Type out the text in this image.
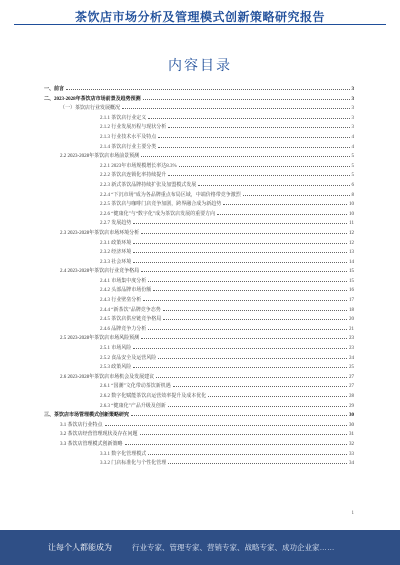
茶饮店市场分析及管理模式创新策略研究报告
内容目录
一、前言	3
二、2023-2028年茶饮店市场前景及趋势预测	3
（一）茶饮店行业发展概况	3
2.1.1 茶饮店行业定义	3
2.1.2 行业发展历程与现状分析	3
2.1.3 行业技术水平及特点	4
2.1.4 茶饮店行业主要分类	4
2.2 2023-2028年茶饮店市场前景预测	5
2.2.1 2023年市场规模增长率达8.3%	5
2.2.2 茶饮店连锁化率持续提升	5
2.2.3 新式茶饮品牌持续扩张及加盟模式发展	6
2.2.4 “下沉市场”成为各品牌重点布局区域，中端价格带竞争激烈	8
2.2.5 茶饮店与咖啡门店竞争加剧，跨界融合成为新趋势	10
2.2.6 “健康化”与“数字化”成为茶饮店发展的重要方向	10
2.2.7 发展趋势	11
2.3 2023-2028年茶饮店市场环境分析	12
2.3.1 政策环境	12
2.3.2 经济环境	13
2.3.3 社会环境	14
2.4 2023-2028年茶饮店行业竞争格局	15
2.4.1 市场集中度分析	15
2.4.2 头部品牌市场份额	16
2.4.3 行业壁垒分析	17
2.4.4 “新茶饮”品牌竞争态势	18
2.4.5 茶饮店供应链竞争格局	20
2.4.6 品牌竞争力分析	21
2.5 2023-2028年茶饮店市场风险预测	23
2.5.1 市场风险	23
2.5.2 食品安全及运营风险	24
2.5.3 政策风险	25
2.6 2023-2028年茶饮店市场机会及发展建议	27
2.6.1 “国潮”文化带动茶饮新机遇	27
2.6.2 数字化赋能茶饮店运营效率提升及成本优化	28
2.6.3 “健康化”产品升级及创新	29
三、茶饮店市场管理模式创新策略研究	30
3.1 茶饮店行业特点	30
3.2 茶饮店经营管理现状及存在问题	31
3.3 茶饮店管理模式创新策略	32
3.3.1 数字化管理模式	33
3.3.2 门店标准化与个性化管理	34
1
让每个人都能成为	行业专家、管理专家、营销专家、战略专家、成功企业家……
